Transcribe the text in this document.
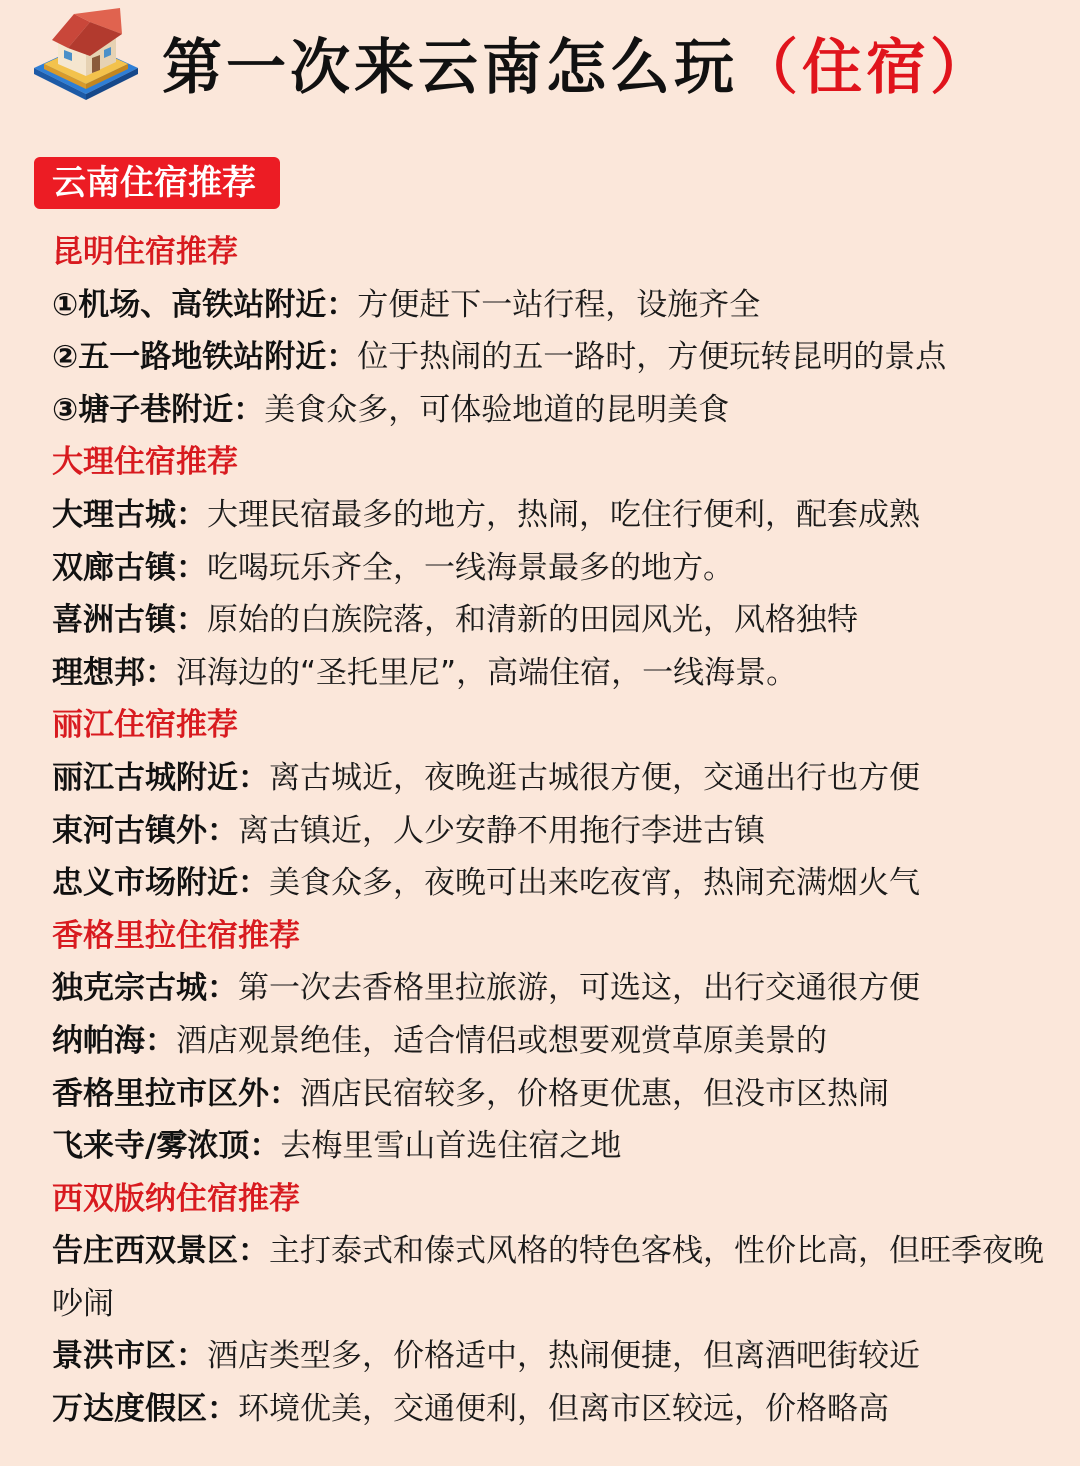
第一次来云南怎么玩（住宿）
云南住宿推荐
昆明住宿推荐
①机场、高铁站附近：方便赶下一站行程，设施齐全
②五一路地铁站附近：位于热闹的五一路时，方便玩转昆明的景点
③塘子巷附近：美食众多，可体验地道的昆明美食
大理住宿推荐
大理古城：大理民宿最多的地方，热闹，吃住行便利，配套成熟
双廊古镇：吃喝玩乐齐全，一线海景最多的地方。
喜洲古镇：原始的白族院落，和清新的田园风光，风格独特
理想邦：洱海边的“圣托里尼”，高端住宿，一线海景。
丽江住宿推荐
丽江古城附近：离古城近，夜晚逛古城很方便，交通出行也方便
束河古镇外：离古镇近，人少安静不用拖行李进古镇
忠义市场附近：美食众多，夜晚可出来吃夜宵，热闹充满烟火气
香格里拉住宿推荐
独克宗古城：第一次去香格里拉旅游，可选这，出行交通很方便
纳帕海：酒店观景绝佳，适合情侣或想要观赏草原美景的
香格里拉市区外：酒店民宿较多，价格更优惠，但没市区热闹
飞来寺/雾浓顶：去梅里雪山首选住宿之地
西双版纳住宿推荐
告庄西双景区：主打泰式和傣式风格的特色客栈，性价比高，但旺季夜晚吵闹
景洪市区：酒店类型多，价格适中，热闹便捷，但离酒吧街较近
万达度假区：环境优美，交通便利，但离市区较远，价格略高
